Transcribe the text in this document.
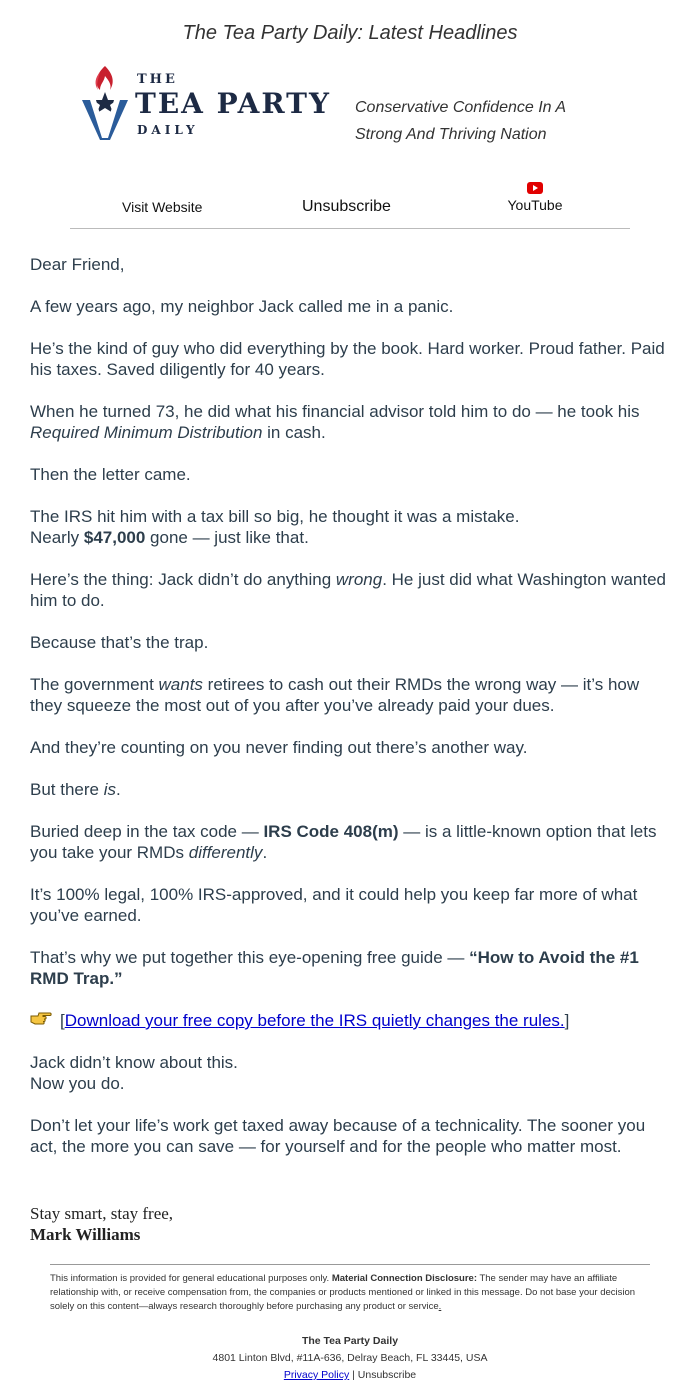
The Tea Party Daily: Latest Headlines
THE
TEA PARTY
DAILY
Conservative Confidence In A
Strong And Thriving Nation
Visit Website	Unsubscribe	YouTube

Dear Friend,

A few years ago, my neighbor Jack called me in a panic.

He’s the kind of guy who did everything by the book. Hard worker. Proud father. Paid his taxes. Saved diligently for 40 years.

When he turned 73, he did what his financial advisor told him to do — he took his Required Minimum Distribution in cash.

Then the letter came.

The IRS hit him with a tax bill so big, he thought it was a mistake.
Nearly $47,000 gone — just like that.

Here’s the thing: Jack didn’t do anything wrong. He just did what Washington wanted him to do.

Because that’s the trap.

The government wants retirees to cash out their RMDs the wrong way — it’s how they squeeze the most out of you after you’ve already paid your dues.

And they’re counting on you never finding out there’s another way.

But there is.

Buried deep in the tax code — IRS Code 408(m) — is a little-known option that lets you take your RMDs differently.

It’s 100% legal, 100% IRS-approved, and it could help you keep far more of what you’ve earned.

That’s why we put together this eye-opening free guide — “How to Avoid the #1 RMD Trap.”

[ Download your free copy before the IRS quietly changes the rules. ]

Jack didn’t know about this.
Now you do.

Don’t let your life’s work get taxed away because of a technicality. The sooner you act, the more you can save — for yourself and for the people who matter most.

Stay smart, stay free,
Mark Williams
This information is provided for general educational purposes only. Material Connection Disclosure: The sender may have an affiliate relationship with, or receive compensation from, the companies or products mentioned or linked in this message. Do not base your decision solely on this content—always research thoroughly before purchasing any product or service.
The Tea Party Daily
4801 Linton Blvd, #11A-636, Delray Beach, FL 33445, USA
Privacy Policy | Unsubscribe
